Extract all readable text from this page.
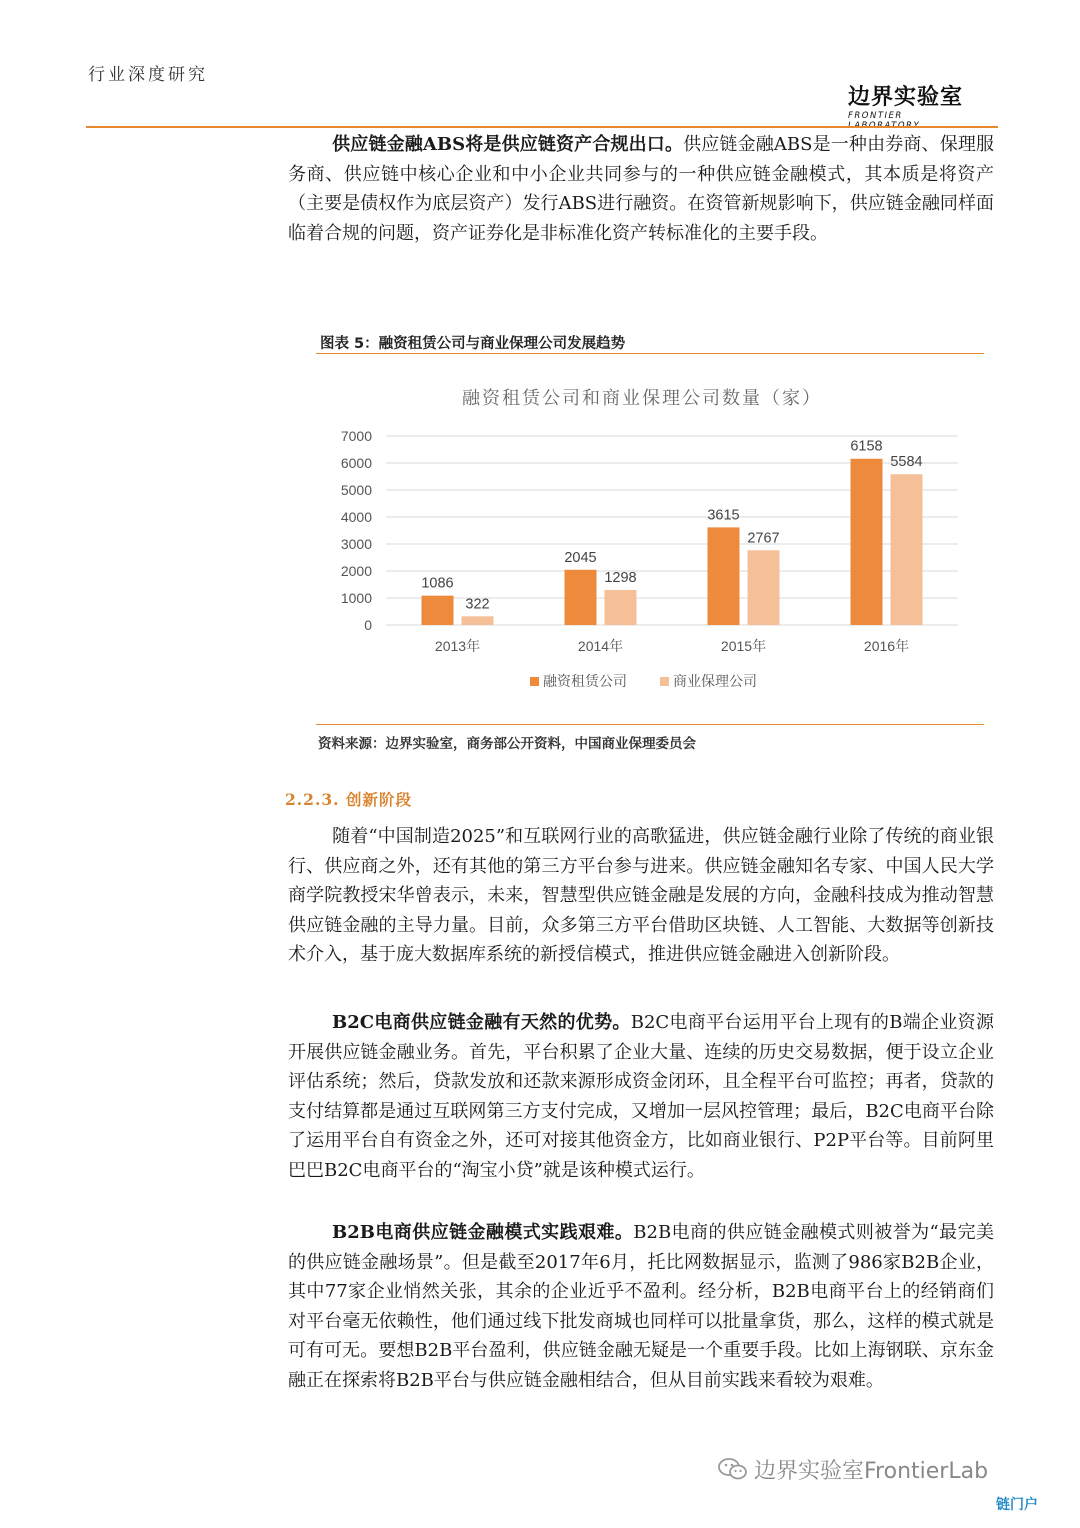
行业深度研究
边界实验室
FRONTIER

供应链金融ABS将是供应链资产合规出口。供应链金融ABS是一种由券商、保理服务商、供应链中核心企业和中小企业共同参与的一种供应链金融模式，其本质是将资产（主要是债权作为底层资产）发行ABS进行融资。在资管新规影响下，供应链金融同样面临着合规的问题，资产证券化是非标准化资产转标准化的主要手段。

图表 5：融资租赁公司与商业保理公司发展趋势
融资租赁公司和商业保理公司数量（家）
0
1000
2000
3000
4000
5000
6000
7000
2013年
1086
322
2014年
2045
1298
2015年
3615
2767
2016年
6158
5584
融资租赁公司	商业保理公司
资料来源：边界实验室，商务部公开资料，中国商业保理委员会
2.2.3. 创新阶段

随着“中国制造2025”和互联网行业的高歌猛进，供应链金融行业除了传统的商业银行、供应商之外，还有其他的第三方平台参与进来。供应链金融知名专家、中国人民大学商学院教授宋华曾表示，未来，智慧型供应链金融是发展的方向，金融科技成为推动智慧供应链金融的主导力量。目前，众多第三方平台借助区块链、人工智能、大数据等创新技术介入，基于庞大数据库系统的新授信模式，推进供应链金融进入创新阶段。

B2C电商供应链金融有天然的优势。B2C电商平台运用平台上现有的B端企业资源开展供应链金融业务。首先，平台积累了企业大量、连续的历史交易数据，便于设立企业评估系统；然后，贷款发放和还款来源形成资金闭环，且全程平台可监控；再者，贷款的支付结算都是通过互联网第三方支付完成，又增加一层风控管理；最后，B2C电商平台除了运用平台自有资金之外，还可对接其他资金方，比如商业银行、P2P平台等。目前阿里巴巴B2C电商平台的“淘宝小贷”就是该种模式运行。

B2B电商供应链金融模式实践艰难。B2B电商的供应链金融模式则被誉为“最完美的供应链金融场景”。但是截至2017年6月，托比网数据显示，监测了986家B2B企业，其中77家企业悄然关张，其余的企业近乎不盈利。经分析，B2B电商平台上的经销商们对平台毫无依赖性，他们通过线下批发商城也同样可以批量拿货，那么，这样的模式就是可有可无。要想B2B平台盈利，供应链金融无疑是一个重要手段。比如上海钢联、京东金融正在探索将B2B平台与供应链金融相结合，但从目前实践来看较为艰难。

边界实验室FrontierLab
链门户
